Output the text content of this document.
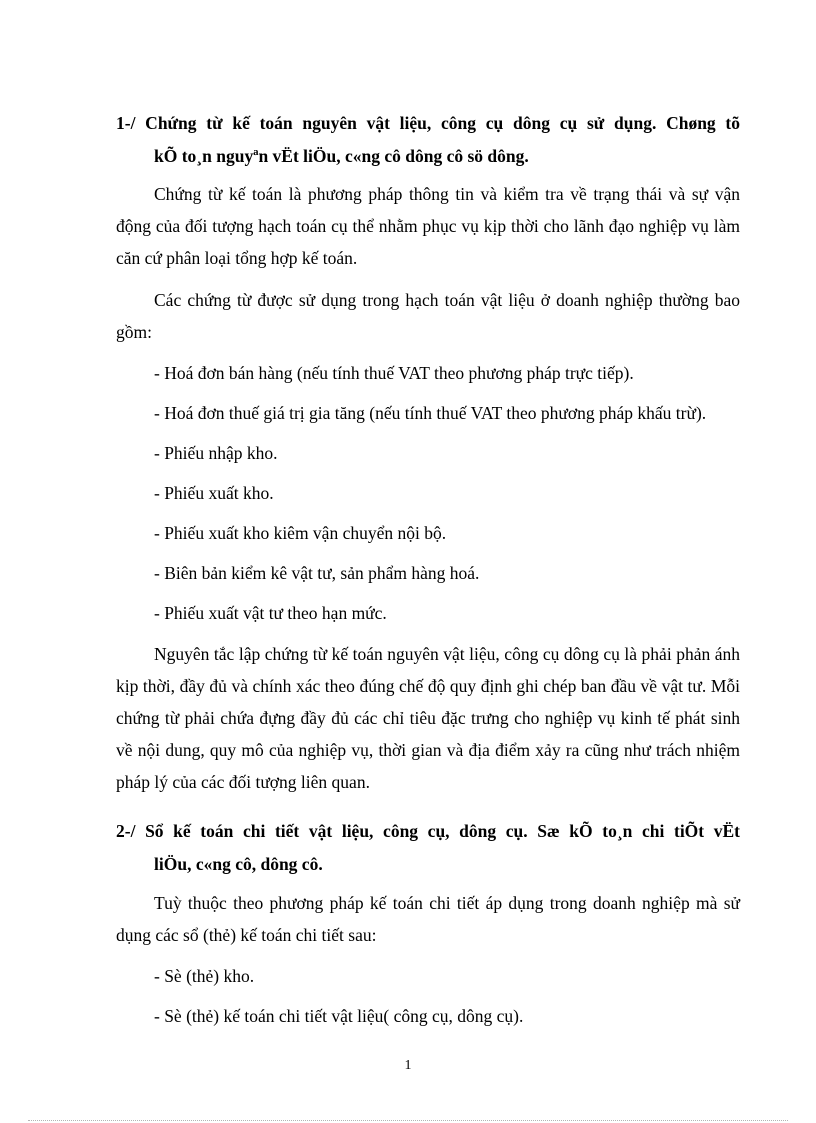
1-/ Chứng từ kế toán nguyên vật liệu, công cụ dông cụ sử dụng. Chøng tõ

kÕ to¸n nguyªn vËt liÖu, c«ng cô dông cô sö dông.

Chứng từ kế toán là phương pháp thông tin và kiểm tra về trạng thái và sự vận động của đối tượng hạch toán cụ thể nhằm phục vụ kịp thời cho lãnh đạo nghiệp vụ làm căn cứ phân loại tổng hợp kế toán.

Các chứng từ được sử dụng trong hạch toán vật liệu ở doanh nghiệp thường bao gồm:

- Hoá đơn bán hàng (nếu tính thuế VAT theo phương pháp trực tiếp).

- Hoá đơn thuế giá trị gia tăng (nếu tính thuế VAT theo phương pháp khấu trừ).

- Phiếu nhập kho.

- Phiếu xuất kho.

- Phiếu xuất kho kiêm vận chuyển nội bộ.

- Biên bản kiểm kê vật tư, sản phẩm hàng hoá.

- Phiếu xuất vật tư theo hạn mức.

Nguyên tắc lập chứng từ kế toán nguyên vật liệu, công cụ dông cụ là phải phản ánh kịp thời, đầy đủ và chính xác theo đúng chế độ quy định ghi chép ban đầu về vật tư. Mỗi chứng từ phải chứa đựng đầy đủ các chỉ tiêu đặc trưng cho nghiệp vụ kinh tế phát sinh về nội dung, quy mô của nghiệp vụ, thời gian và địa điểm xảy ra cũng như trách nhiệm pháp lý của các đối tượng liên quan.

2-/ Sổ kế toán chi tiết vật liệu, công cụ, dông cụ. Sæ kÕ to¸n chi tiÕt vËt

liÖu, c«ng cô, dông cô.

Tuỳ thuộc theo phương pháp kế toán chi tiết áp dụng trong doanh nghiệp mà sử dụng các sổ (thẻ) kế toán chi tiết sau:

- Sè (thẻ) kho.

- Sè (thẻ) kế toán chi tiết vật liệu( công cụ, dông cụ).

1
